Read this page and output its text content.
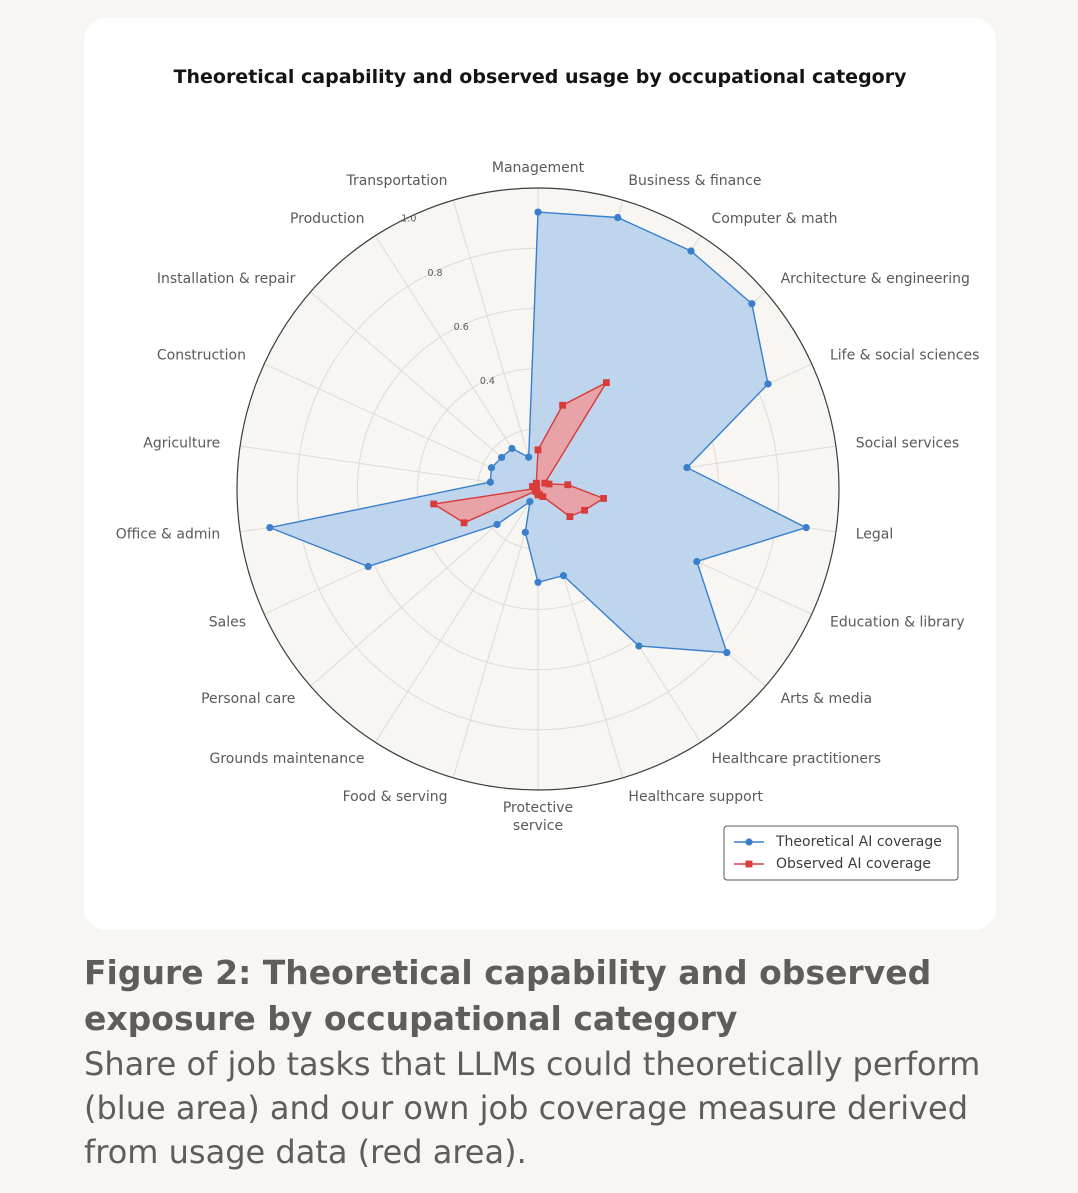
Theoretical capability and observed usage by occupational category
0.4
0.6
0.8
1.0
Management
Business & finance
Computer & math
Architecture & engineering
Life & social sciences
Social services
Legal
Education & library
Arts & media
Healthcare practitioners
Healthcare support
Protective service
Food & serving
Grounds maintenance
Personal care
Sales
Office & admin
Agriculture
Construction
Installation & repair
Production
Transportation
Theoretical AI coverage
Observed AI coverage
Figure 2: Theoretical capability and observed exposure by occupational category

Share of job tasks that LLMs could theoretically perform (blue area) and our own job coverage measure derived from usage data (red area).
